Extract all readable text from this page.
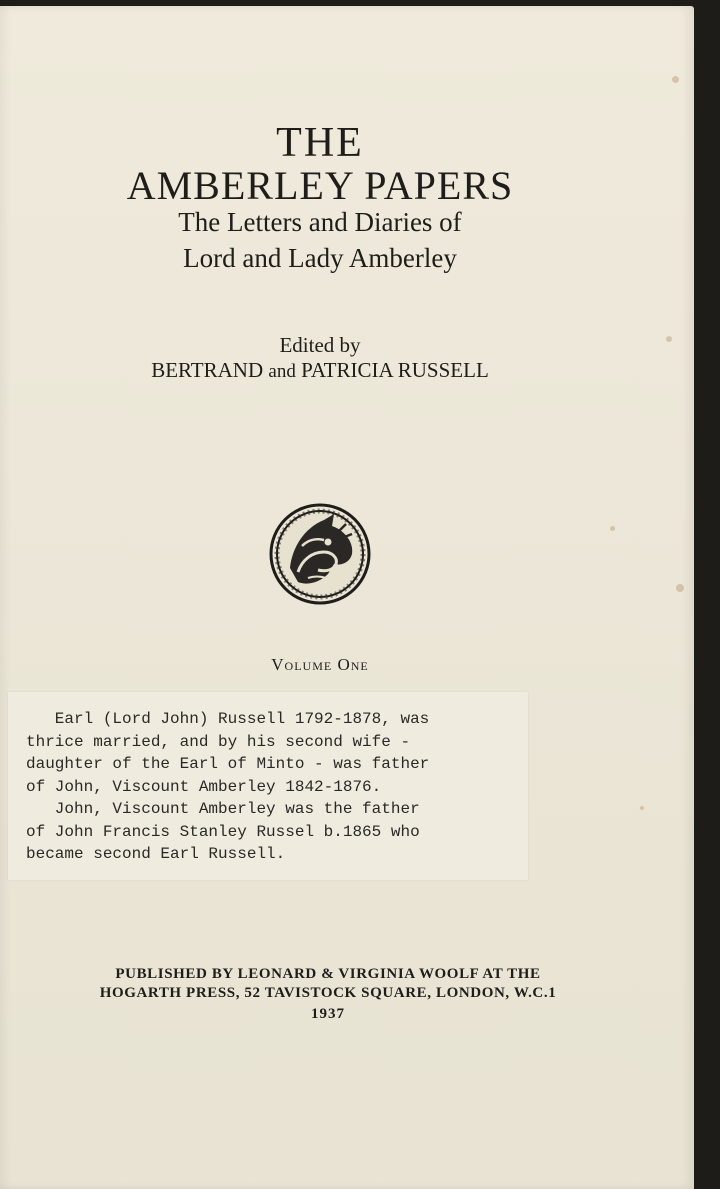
THE
AMBERLEY PAPERS
The Letters and Diaries of
Lord and Lady Amberley
Edited by
BERTRAND and PATRICIA RUSSELL
Volume One
Earl (Lord John) Russell 1792-1878, was
thrice married, and by his second wife -
daughter of the Earl of Minto - was father
of John, Viscount Amberley 1842-1876.
John, Viscount Amberley was the father
of John Francis Stanley Russel b.1865 who
became second Earl Russell.
PUBLISHED BY LEONARD & VIRGINIA WOOLF AT THE
HOGARTH PRESS, 52 TAVISTOCK SQUARE, LONDON, W.C.1
1937
